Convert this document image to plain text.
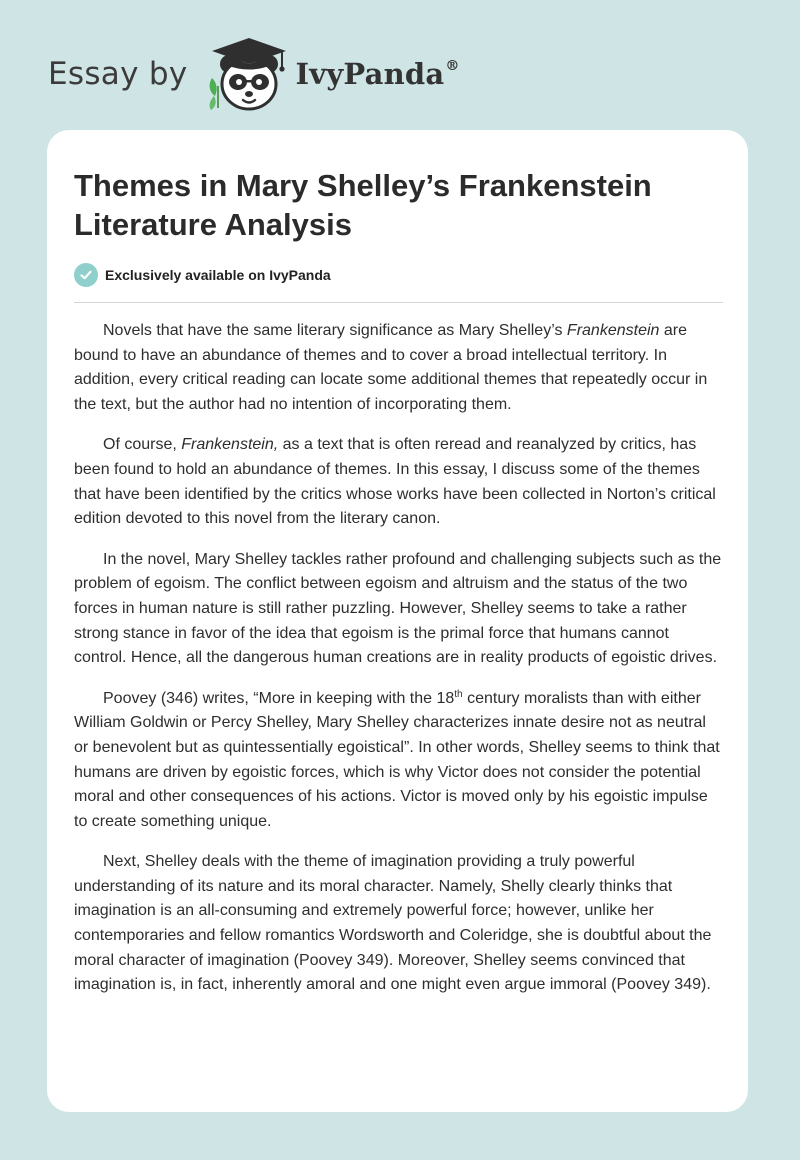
Essay by	IvyPanda®
Themes in Mary Shelley’s Frankenstein Literature Analysis
Exclusively available on IvyPanda

Novels that have the same literary significance as Mary Shelley’s Frankenstein are bound to have an abundance of themes and to cover a broad intellectual territory. In addition, every critical reading can locate some additional themes that repeatedly occur in the text, but the author had no intention of incorporating them.

Of course, Frankenstein, as a text that is often reread and reanalyzed by critics, has been found to hold an abundance of themes. In this essay, I discuss some of the themes that have been identified by the critics whose works have been collected in Norton’s critical edition devoted to this novel from the literary canon.

In the novel, Mary Shelley tackles rather profound and challenging subjects such as the problem of egoism. The conflict between egoism and altruism and the status of the two forces in human nature is still rather puzzling. However, Shelley seems to take a rather strong stance in favor of the idea that egoism is the primal force that humans cannot control. Hence, all the dangerous human creations are in reality products of egoistic drives.

Poovey (346) writes, “More in keeping with the 18th century moralists than with either William Goldwin or Percy Shelley, Mary Shelley characterizes innate desire not as neutral or benevolent but as quintessentially egoistical”. In other words, Shelley seems to think that humans are driven by egoistic forces, which is why Victor does not consider the potential moral and other consequences of his actions. Victor is moved only by his egoistic impulse to create something unique.

Next, Shelley deals with the theme of imagination providing a truly powerful understanding of its nature and its moral character. Namely, Shelly clearly thinks that imagination is an all-consuming and extremely powerful force; however, unlike her contemporaries and fellow romantics Wordsworth and Coleridge, she is doubtful about the moral character of imagination (Poovey 349). Moreover, Shelley seems convinced that imagination is, in fact, inherently amoral and one might even argue immoral (Poovey 349).
